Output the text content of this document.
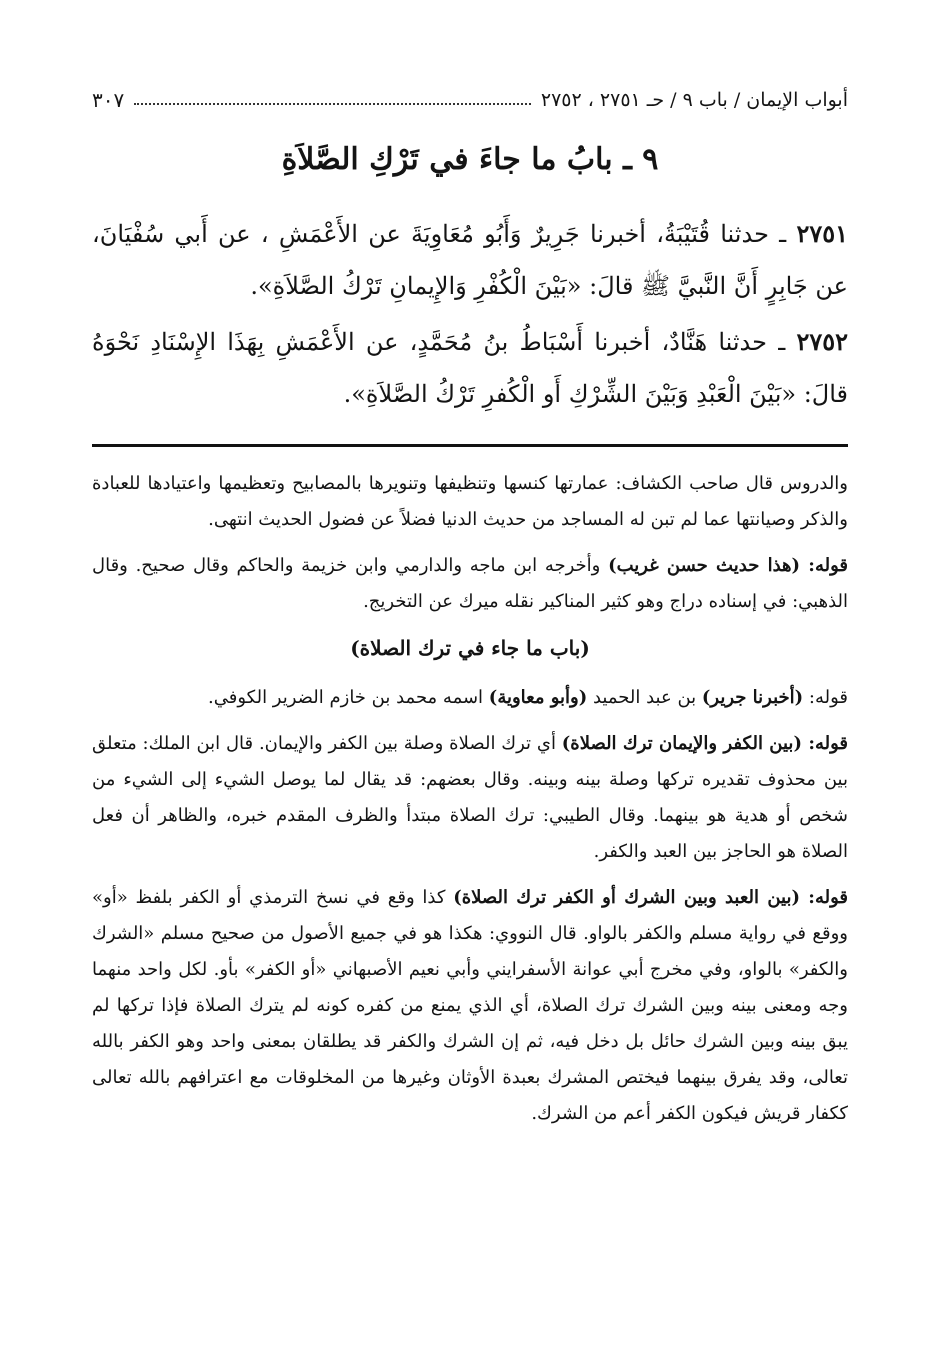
أبواب الإيمان / باب ٩ / حـ ٢٧٥١ ، ٢٧٥٢
٣٠٧
٩ ـ بابُ ما جاءَ في تَرْكِ الصَّلاَةِ
٢٧٥١ ـ حدثنا قُتَيْبَةُ، أخبرنا جَرِيرٌ وَأَبُو مُعَاوِيَةَ عن الأَعْمَشِ ، عن أَبي سُفْيَانَ، عن جَابِرٍ أَنَّ النَّبيَّ ﷺ قالَ: «بَيْنَ الْكُفْرِ وَالإِيمانِ تَرْكُ الصَّلاَةِ».
٢٧٥٢ ـ حدثنا هَنَّادٌ، أخبرنا أَسْبَاطُ بنُ مُحَمَّدٍ، عن الأَعْمَشِ بِهَذَا الإِسْنَادِ نَحْوَهُ قالَ: «بَيْنَ الْعَبْدِ وَبَيْنَ الشِّرْكِ أَو الْكُفرِ تَرْكُ الصَّلاَةِ».

والدروس قال صاحب الكشاف: عمارتها كنسها وتنظيفها وتنويرها بالمصابيح وتعظيمها واعتيادها للعبادة والذكر وصيانتها عما لم تبن له المساجد من حديث الدنيا فضلاً عن فضول الحديث انتهى.

قوله: (هذا حديث حسن غريب) وأخرجه ابن ماجه والدارمي وابن خزيمة والحاكم وقال صحيح. وقال الذهبي: في إسناده دراج وهو كثير المناكير نقله ميرك عن التخريج.

(باب ما جاء في ترك الصلاة)

قوله: (أخبرنا جرير) بن عبد الحميد (وأبو معاوية) اسمه محمد بن خازم الضرير الكوفي.

قوله: (بين الكفر والإيمان ترك الصلاة) أي ترك الصلاة وصلة بين الكفر والإيمان. قال ابن الملك: متعلق بين محذوف تقديره تركها وصلة بينه وبينه. وقال بعضهم: قد يقال لما يوصل الشيء إلى الشيء من شخص أو هدية هو بينهما. وقال الطيبي: ترك الصلاة مبتدأ والظرف المقدم خبره، والظاهر أن فعل الصلاة هو الحاجز بين العبد والكفر.

قوله: (بين العبد وبين الشرك أو الكفر ترك الصلاة) كذا وقع في نسخ الترمذي أو الكفر بلفظ «أو» ووقع في رواية مسلم والكفر بالواو. قال النووي: هكذا هو في جميع الأصول من صحيح مسلم «الشرك والكفر» بالواو، وفي مخرج أبي عوانة الأسفرايني وأبي نعيم الأصبهاني «أو الكفر» بأو. لكل واحد منهما وجه ومعنى بينه وبين الشرك ترك الصلاة، أي الذي يمنع من كفره كونه لم يترك الصلاة فإذا تركها لم يبق بينه وبين الشرك حائل بل دخل فيه، ثم إن الشرك والكفر قد يطلقان بمعنى واحد وهو الكفر بالله تعالى، وقد يفرق بينهما فيختص المشرك بعبدة الأوثان وغيرها من المخلوقات مع اعترافهم بالله تعالى ككفار قريش فيكون الكفر أعم من الشرك.
